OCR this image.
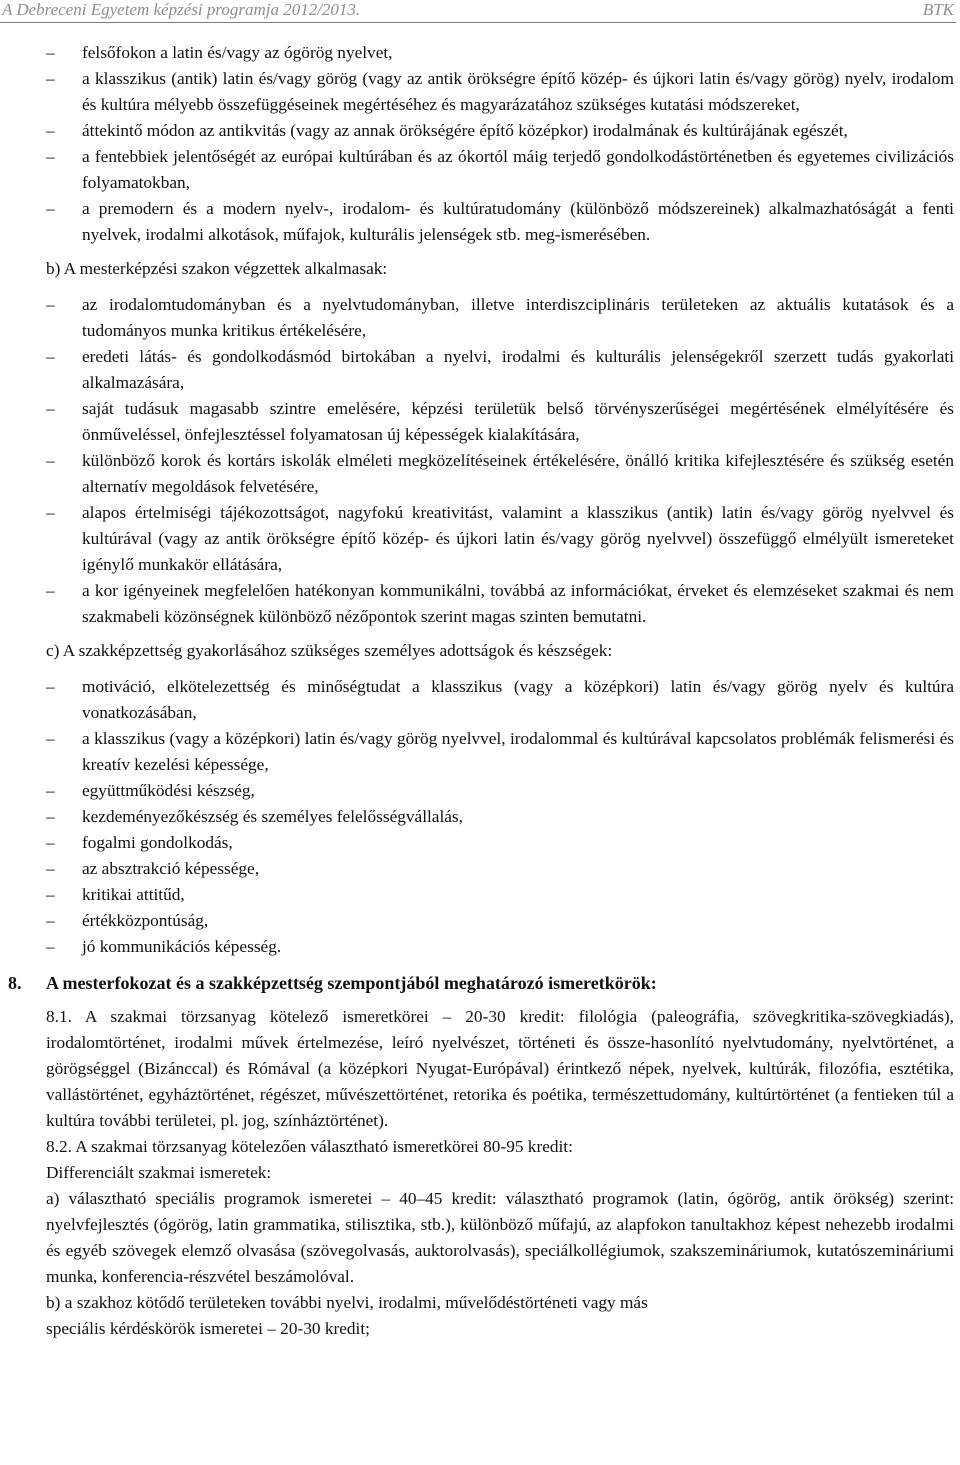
A Debreceni Egyetem képzési programja 2012/2013.	BTK
– felsőfokon a latin és/vagy az ógörög nyelvet,
– a klasszikus (antik) latin és/vagy görög (vagy az antik örökségre építő közép- és újkori latin és/vagy görög) nyelv, irodalom és kultúra mélyebb összefüggéseinek megértéséhez és magyarázatához szükséges kutatási módszereket,
– áttekintő módon az antikvitás (vagy az annak örökségére építő középkor) irodalmának és kultúrájának egészét,
– a fentebbiek jelentőségét az európai kultúrában és az ókortól máig terjedő gondolkodástörténetben és egyetemes civilizációs folyamatokban,
– a premodern és a modern nyelv-, irodalom- és kultúratudomány (különböző módszereinek) alkalmazhatóságát a fenti nyelvek, irodalmi alkotások, műfajok, kulturális jelenségek stb. meg-ismerésében.
b) A mesterképzési szakon végzettek alkalmasak:
– az irodalomtudományban és a nyelvtudományban, illetve interdiszciplináris területeken az aktuális kutatások és a tudományos munka kritikus értékelésére,
– eredeti látás- és gondolkodásmód birtokában a nyelvi, irodalmi és kulturális jelenségekről szerzett tudás gyakorlati alkalmazására,
– saját tudásuk magasabb szintre emelésére, képzési területük belső törvényszerűségei megértésének elmélyítésére és önműveléssel, önfejlesztéssel folyamatosan új képességek kialakítására,
– különböző korok és kortárs iskolák elméleti megközelítéseinek értékelésére, önálló kritika kifejlesztésére és szükség esetén alternatív megoldások felvetésére,
– alapos értelmiségi tájékozottságot, nagyfokú kreativitást, valamint a klasszikus (antik) latin és/vagy görög nyelvvel és kultúrával (vagy az antik örökségre építő közép- és újkori latin és/vagy görög nyelvvel) összefüggő elmélyült ismereteket igénylő munkakör ellátására,
– a kor igényeinek megfelelően hatékonyan kommunikálni, továbbá az információkat, érveket és elemzéseket szakmai és nem szakmabeli közönségnek különböző nézőpontok szerint magas szinten bemutatni.
c) A szakképzettség gyakorlásához szükséges személyes adottságok és készségek:
– motiváció, elkötelezettség és minőségtudat a klasszikus (vagy a középkori) latin és/vagy görög nyelv és kultúra vonatkozásában,
– a klasszikus (vagy a középkori) latin és/vagy görög nyelvvel, irodalommal és kultúrával kapcsolatos problémák felismerési és kreatív kezelési képessége,
– együttműködési készség,
– kezdeményezőkészség és személyes felelősségvállalás,
– fogalmi gondolkodás,
– az absztrakció képessége,
– kritikai attitűd,
– értékközpontúság,
– jó kommunikációs képesség.
8. A mesterfokozat és a szakképzettség szempontjából meghatározó ismeretkörök:

8.1. A szakmai törzsanyag kötelező ismeretkörei – 20-30 kredit: filológia (paleográfia, szövegkritika-szövegkiadás), irodalomtörténet, irodalmi művek értelmezése, leíró nyelvészet, történeti és össze-hasonlító nyelvtudomány, nyelvtörténet, a görögséggel (Bizánccal) és Rómával (a középkori Nyugat-Európával) érintkező népek, nyelvek, kultúrák, filozófia, esztétika, vallástörténet, egyháztörténet, régészet, művészettörténet, retorika és poétika, természettudomány, kultúrtörténet (a fentieken túl a kultúra további területei, pl. jog, színháztörténet).

8.2. A szakmai törzsanyag kötelezően választható ismeretkörei 80-95 kredit:

Differenciált szakmai ismeretek:

a) választható speciális programok ismeretei – 40–45 kredit: választható programok (latin, ógörög, antik örökség) szerint: nyelvfejlesztés (ógörög, latin grammatika, stilisztika, stb.), különböző műfajú, az alapfokon tanultakhoz képest nehezebb irodalmi és egyéb szövegek elemző olvasása (szövegolvasás, auktorolvasás), speciálkollégiumok, szakszemináriumok, kutatószemináriumi munka, konferencia-részvétel beszámolóval.

b) a szakhoz kötődő területeken további nyelvi, irodalmi, művelődéstörténeti vagy más

speciális kérdéskörök ismeretei – 20-30 kredit;
